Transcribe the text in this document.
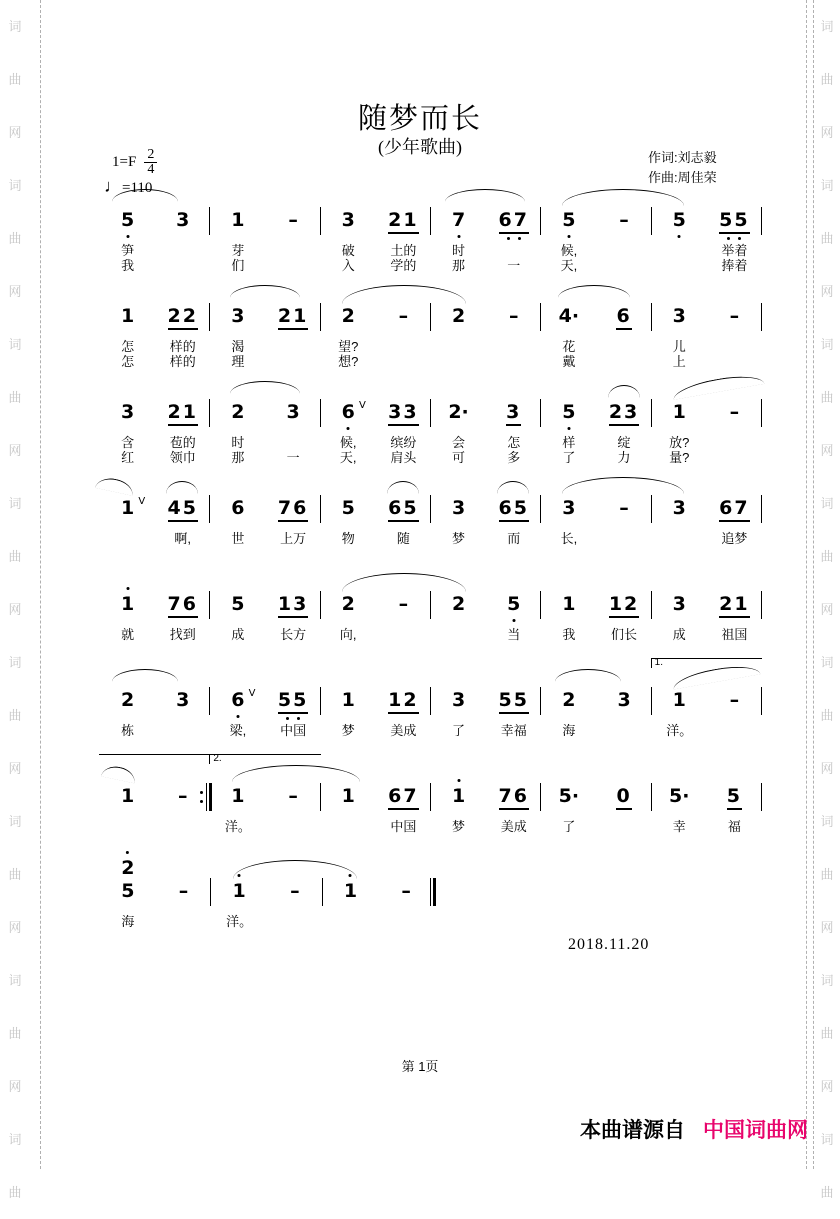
词
曲
网
词
曲
网
词
曲
网
词
曲
网
词
曲
网
词
曲
网
词
曲
网
词
曲
词
曲
网
词
曲
网
词
曲
网
词
曲
网
词
曲
网
词
曲
网
词
曲
网
词
曲
随梦而长
(少年歌曲)
$1=F \frac{2}{4}$
♩=110
作词:刘志毅
作曲:周佳荣
5 3
笋
我
1 –
芽
们
3 21
破	土的
入	学的
7 67
时
那	一
5 –
候,
天,
5 55
举着
捧着
1 22
怎	样的
怎	样的
3 21
渴
理
2 –
望?
想?
2 – 4· 6
花
戴
3 –
儿
上
3 21
含	苞的
红	领巾
2 3
时
那	一
6 V 33
候,	缤纷
天,	肩头
2· 3
会	怎
可	多
5 23
样	绽
了	力
1 –
放?
量?
1 V 45
啊,
6 76
世	上万
5 65
物	随
3 65
梦	而
3 –
长,
3 67
追梦
1 76
就	找到
5 13
成	长方
2 –
向,
2 5
当
1 12
我	们长
3 21
成	祖国
2 3
栋
6 V 55
梁,	中国
1 12
梦	美成
3 55
了	幸福
2 3
海
1.
1 –
洋。
1 –
2.
1 –
洋。
1 67
中国
1 76
梦	美成
5· 0
了
5· 5
幸	福
2
5 –
海
1 –
洋。
1 –
2018.11.20
第 1页
本曲谱源自 中国词曲网
